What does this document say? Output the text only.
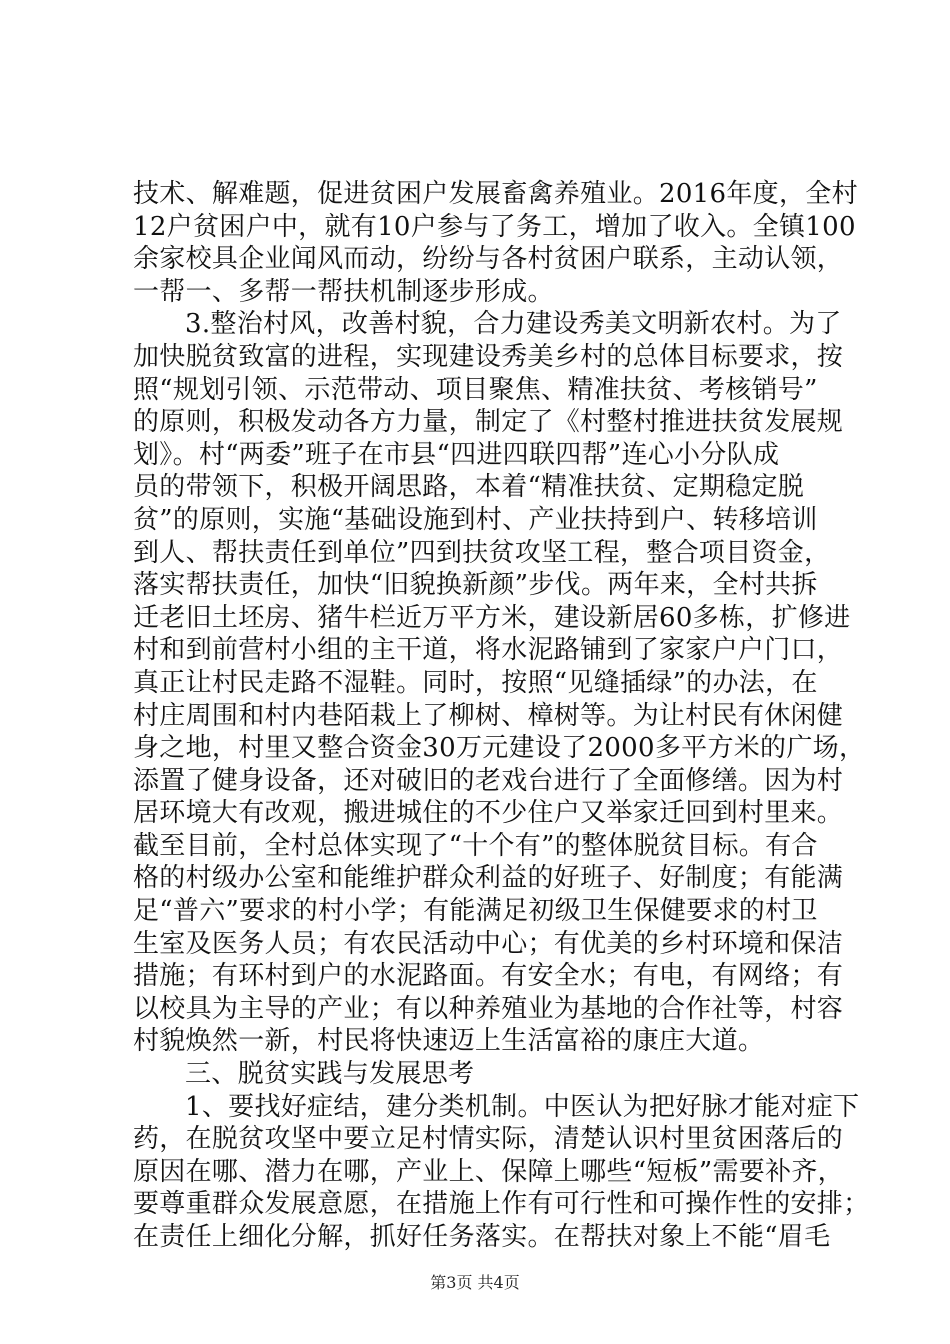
技术、解难题，促进贫困户发展畜禽养殖业。2016年度，全村
12户贫困户中，就有10户参与了务工，增加了收入。全镇100
余家校具企业闻风而动，纷纷与各村贫困户联系，主动认领，
一帮一、多帮一帮扶机制逐步形成。
3.整治村风，改善村貌，合力建设秀美文明新农村。为了
加快脱贫致富的进程，实现建设秀美乡村的总体目标要求，按
照“规划引领、示范带动、项目聚焦、精准扶贫、考核销号”
的原则，积极发动各方力量，制定了《村整村推进扶贫发展规
划》。村“两委”班子在市县“四进四联四帮”连心小分队成
员的带领下，积极开阔思路，本着“精准扶贫、定期稳定脱
贫”的原则，实施“基础设施到村、产业扶持到户、转移培训
到人、帮扶责任到单位”四到扶贫攻坚工程，整合项目资金，
落实帮扶责任，加快“旧貌换新颜”步伐。两年来，全村共拆
迁老旧土坯房、猪牛栏近万平方米，建设新居60多栋，扩修进
村和到前营村小组的主干道，将水泥路铺到了家家户户门口，
真正让村民走路不湿鞋。同时，按照“见缝插绿”的办法，在
村庄周围和村内巷陌栽上了柳树、樟树等。为让村民有休闲健
身之地，村里又整合资金30万元建设了2000多平方米的广场，
添置了健身设备，还对破旧的老戏台进行了全面修缮。因为村
居环境大有改观，搬进城住的不少住户又举家迁回到村里来。
截至目前，全村总体实现了“十个有”的整体脱贫目标。有合
格的村级办公室和能维护群众利益的好班子、好制度；有能满
足“普六”要求的村小学；有能满足初级卫生保健要求的村卫
生室及医务人员；有农民活动中心；有优美的乡村环境和保洁
措施；有环村到户的水泥路面。有安全水；有电，有网络；有
以校具为主导的产业；有以种养殖业为基地的合作社等，村容
村貌焕然一新，村民将快速迈上生活富裕的康庄大道。
三、脱贫实践与发展思考
1、要找好症结，建分类机制。中医认为把好脉才能对症下
药，在脱贫攻坚中要立足村情实际，清楚认识村里贫困落后的
原因在哪、潜力在哪，产业上、保障上哪些“短板”需要补齐，
要尊重群众发展意愿，在措施上作有可行性和可操作性的安排；
在责任上细化分解，抓好任务落实。在帮扶对象上不能“眉毛
第3页 共4页
